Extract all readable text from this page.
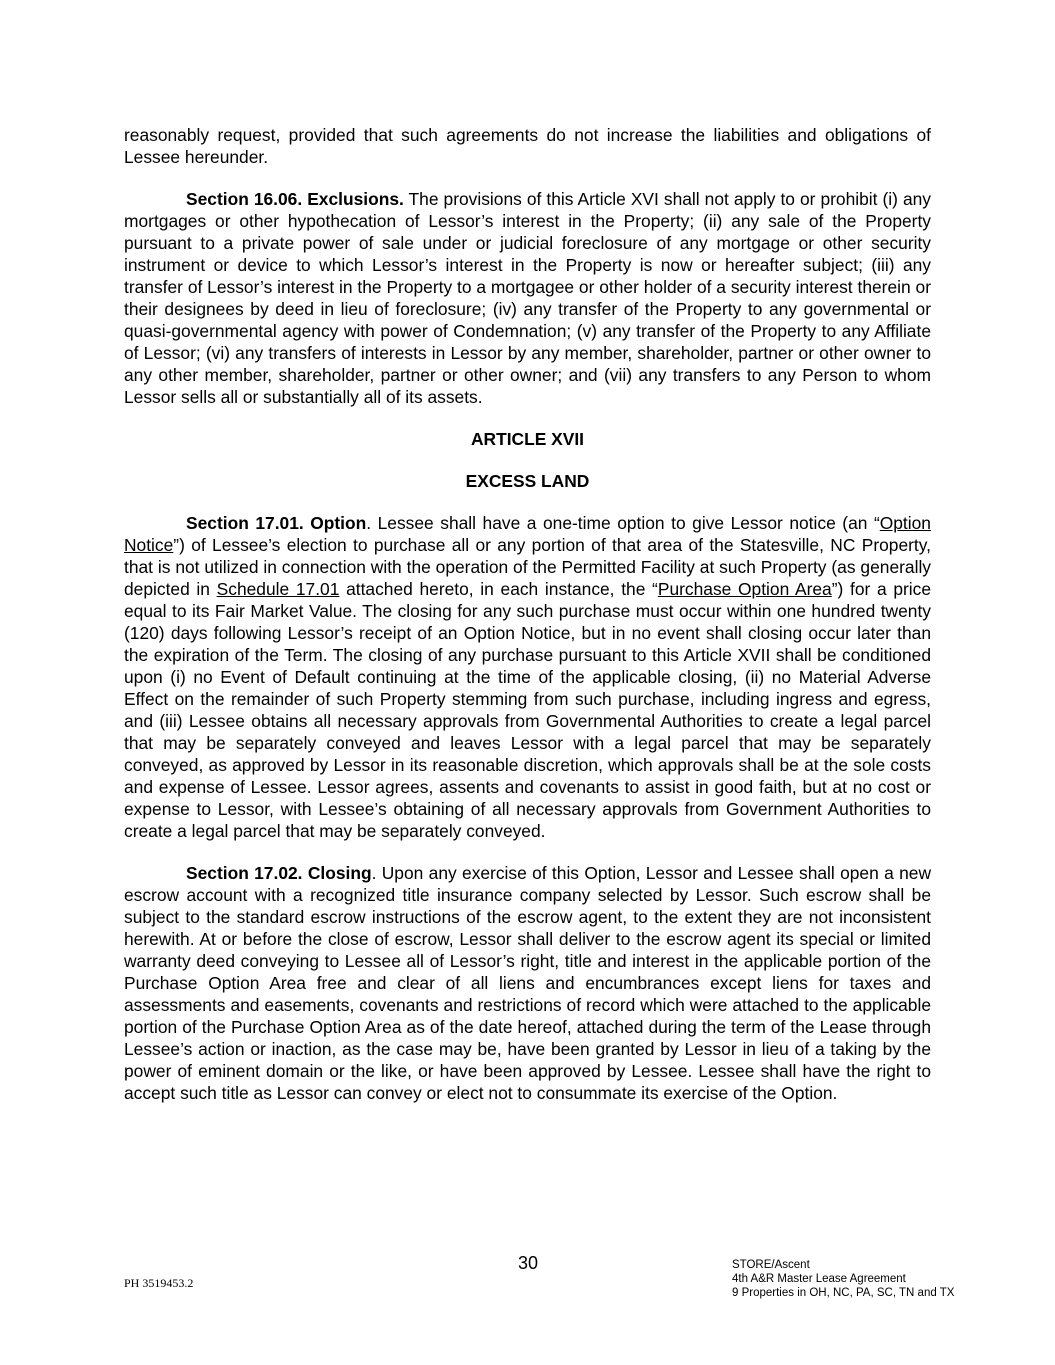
reasonably request, provided that such agreements do not increase the liabilities and obligations of Lessee hereunder.

Section 16.06. Exclusions. The provisions of this Article XVI shall not apply to or prohibit (i) any mortgages or other hypothecation of Lessor’s interest in the Property; (ii) any sale of the Property pursuant to a private power of sale under or judicial foreclosure of any mortgage or other security instrument or device to which Lessor’s interest in the Property is now or hereafter subject; (iii) any transfer of Lessor’s interest in the Property to a mortgagee or other holder of a security interest therein or their designees by deed in lieu of foreclosure; (iv) any transfer of the Property to any governmental or quasi-governmental agency with power of Condemnation; (v) any transfer of the Property to any Affiliate of Lessor; (vi) any transfers of interests in Lessor by any member, shareholder, partner or other owner to any other member, shareholder, partner or other owner; and (vii) any transfers to any Person to whom Lessor sells all or substantially all of its assets.

ARTICLE XVII

EXCESS LAND

Section 17.01. Option. Lessee shall have a one-time option to give Lessor notice (an “Option Notice”) of Lessee’s election to purchase all or any portion of that area of the Statesville, NC Property, that is not utilized in connection with the operation of the Permitted Facility at such Property (as generally depicted in Schedule 17.01 attached hereto, in each instance, the “Purchase Option Area”) for a price equal to its Fair Market Value. The closing for any such purchase must occur within one hundred twenty (120) days following Lessor’s receipt of an Option Notice, but in no event shall closing occur later than the expiration of the Term. The closing of any purchase pursuant to this Article XVII shall be conditioned upon (i) no Event of Default continuing at the time of the applicable closing, (ii) no Material Adverse Effect on the remainder of such Property stemming from such purchase, including ingress and egress, and (iii) Lessee obtains all necessary approvals from Governmental Authorities to create a legal parcel that may be separately conveyed and leaves Lessor with a legal parcel that may be separately conveyed, as approved by Lessor in its reasonable discretion, which approvals shall be at the sole costs and expense of Lessee. Lessor agrees, assents and covenants to assist in good faith, but at no cost or expense to Lessor, with Lessee’s obtaining of all necessary approvals from Government Authorities to create a legal parcel that may be separately conveyed.

Section 17.02. Closing. Upon any exercise of this Option, Lessor and Lessee shall open a new escrow account with a recognized title insurance company selected by Lessor. Such escrow shall be subject to the standard escrow instructions of the escrow agent, to the extent they are not inconsistent herewith. At or before the close of escrow, Lessor shall deliver to the escrow agent its special or limited warranty deed conveying to Lessee all of Lessor’s right, title and interest in the applicable portion of the Purchase Option Area free and clear of all liens and encumbrances except liens for taxes and assessments and easements, covenants and restrictions of record which were attached to the applicable portion of the Purchase Option Area as of the date hereof, attached during the term of the Lease through Lessee’s action or inaction, as the case may be, have been granted by Lessor in lieu of a taking by the power of eminent domain or the like, or have been approved by Lessee. Lessee shall have the right to accept such title as Lessor can convey or elect not to consummate its exercise of the Option.

30
PH 3519453.2
STORE/Ascent
4th A&R Master Lease Agreement
9 Properties in OH, NC, PA, SC, TN and TX
